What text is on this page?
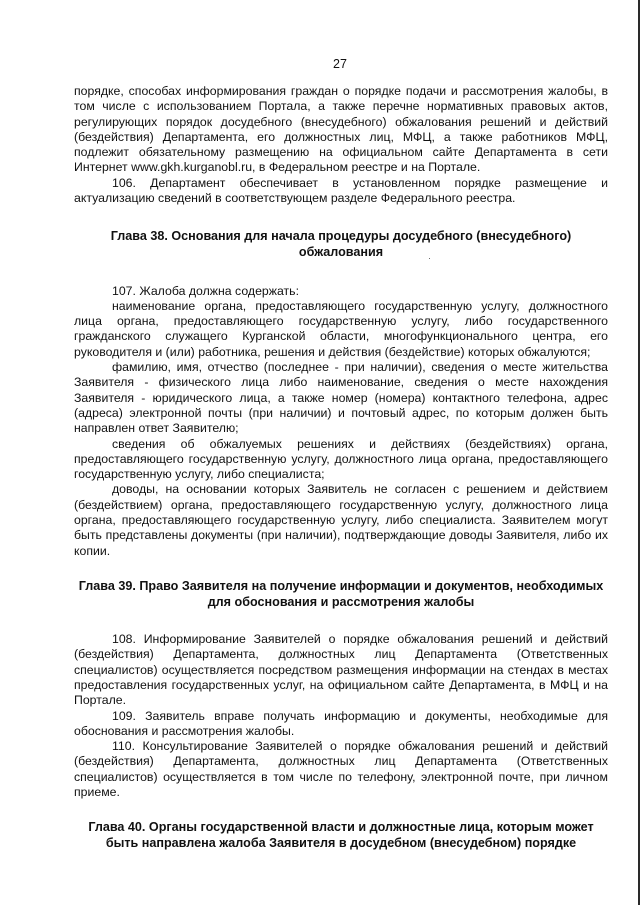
27

порядке, способах информирования граждан о порядке подачи и рассмотрения жалобы, в том числе с использованием Портала, а также перечне нормативных правовых актов, регулирующих порядок досудебного (внесудебного) обжалования решений и действий (бездействия) Департамента, его должностных лиц, МФЦ, а также работников МФЦ, подлежит обязательному размещению на официальном сайте Департамента в сети Интернет www.gkh.kurganobl.ru, в Федеральном реестре и на Портале.

106. Департамент обеспечивает в установленном порядке размещение и актуализацию сведений в соответствующем разделе Федерального реестра.

Глава 38. Основания для начала процедуры досудебного (внесудебного) обжалования

107. Жалоба должна содержать:

наименование органа, предоставляющего государственную услугу, должностного лица органа, предоставляющего государственную услугу, либо государственного гражданского служащего Курганской области, многофункционального центра, его руководителя и (или) работника, решения и действия (бездействие) которых обжалуются;

фамилию, имя, отчество (последнее - при наличии), сведения о месте жительства Заявителя - физического лица либо наименование, сведения о месте нахождения Заявителя - юридического лица, а также номер (номера) контактного телефона, адрес (адреса) электронной почты (при наличии) и почтовый адрес, по которым должен быть направлен ответ Заявителю;

сведения об обжалуемых решениях и действиях (бездействиях) органа, предоставляющего государственную услугу, должностного лица органа, предоставляющего государственную услугу, либо специалиста;

доводы, на основании которых Заявитель не согласен с решением и действием (бездействием) органа, предоставляющего государственную услугу, должностного лица органа, предоставляющего государственную услугу, либо специалиста. Заявителем могут быть представлены документы (при наличии), подтверждающие доводы Заявителя, либо их копии.

Глава 39. Право Заявителя на получение информации и документов, необходимых для обоснования и рассмотрения жалобы

108. Информирование Заявителей о порядке обжалования решений и действий (бездействия) Департамента, должностных лиц Департамента (Ответственных специалистов) осуществляется посредством размещения информации на стендах в местах предоставления государственных услуг, на официальном сайте Департамента, в МФЦ и на Портале.

109. Заявитель вправе получать информацию и документы, необходимые для обоснования и рассмотрения жалобы.

110. Консультирование Заявителей о порядке обжалования решений и действий (бездействия) Департамента, должностных лиц Департамента (Ответственных специалистов) осуществляется в том числе по телефону, электронной почте, при личном приеме.

Глава 40. Органы государственной власти и должностные лица, которым может быть направлена жалоба Заявителя в досудебном (внесудебном) порядке

·
